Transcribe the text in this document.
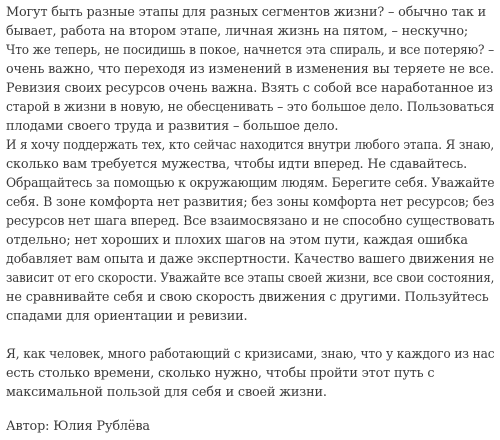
Могут быть разные этапы для разных сегментов жизни? – обычно так и
бывает, работа на втором этапе, личная жизнь на пятом, – нескучно;
Что же теперь, не посидишь в покое, начнется эта спираль, и все потеряю? –
очень важно, что переходя из изменений в изменения вы теряете не все.
Ревизия своих ресурсов очень важна. Взять с собой все наработанное из
старой в жизни в новую, не обесценивать – это большое дело. Пользоваться
плодами своего труда и развития – большое дело.
И я хочу поддержать тех, кто сейчас находится внутри любого этапа. Я знаю,
сколько вам требуется мужества, чтобы идти вперед. Не сдавайтесь.
Обращайтесь за помощью к окружающим людям. Берегите себя. Уважайте
себя. В зоне комфорта нет развития; без зоны комфорта нет ресурсов; без
ресурсов нет шага вперед. Все взаимосвязано и не способно существовать
отдельно; нет хороших и плохих шагов на этом пути, каждая ошибка
добавляет вам опыта и даже экспертности. Качество вашего движения не
зависит от его скорости. Уважайте все этапы своей жизни, все свои состояния,
не сравнивайте себя и свою скорость движения с другими. Пользуйтесь
спадами для ориентации и ревизии.
Я, как человек, много работающий с кризисами, знаю, что у каждого из нас
есть столько времени, сколько нужно, чтобы пройти этот путь с
максимальной пользой для себя и своей жизни.
Автор: Юлия Рублёва
